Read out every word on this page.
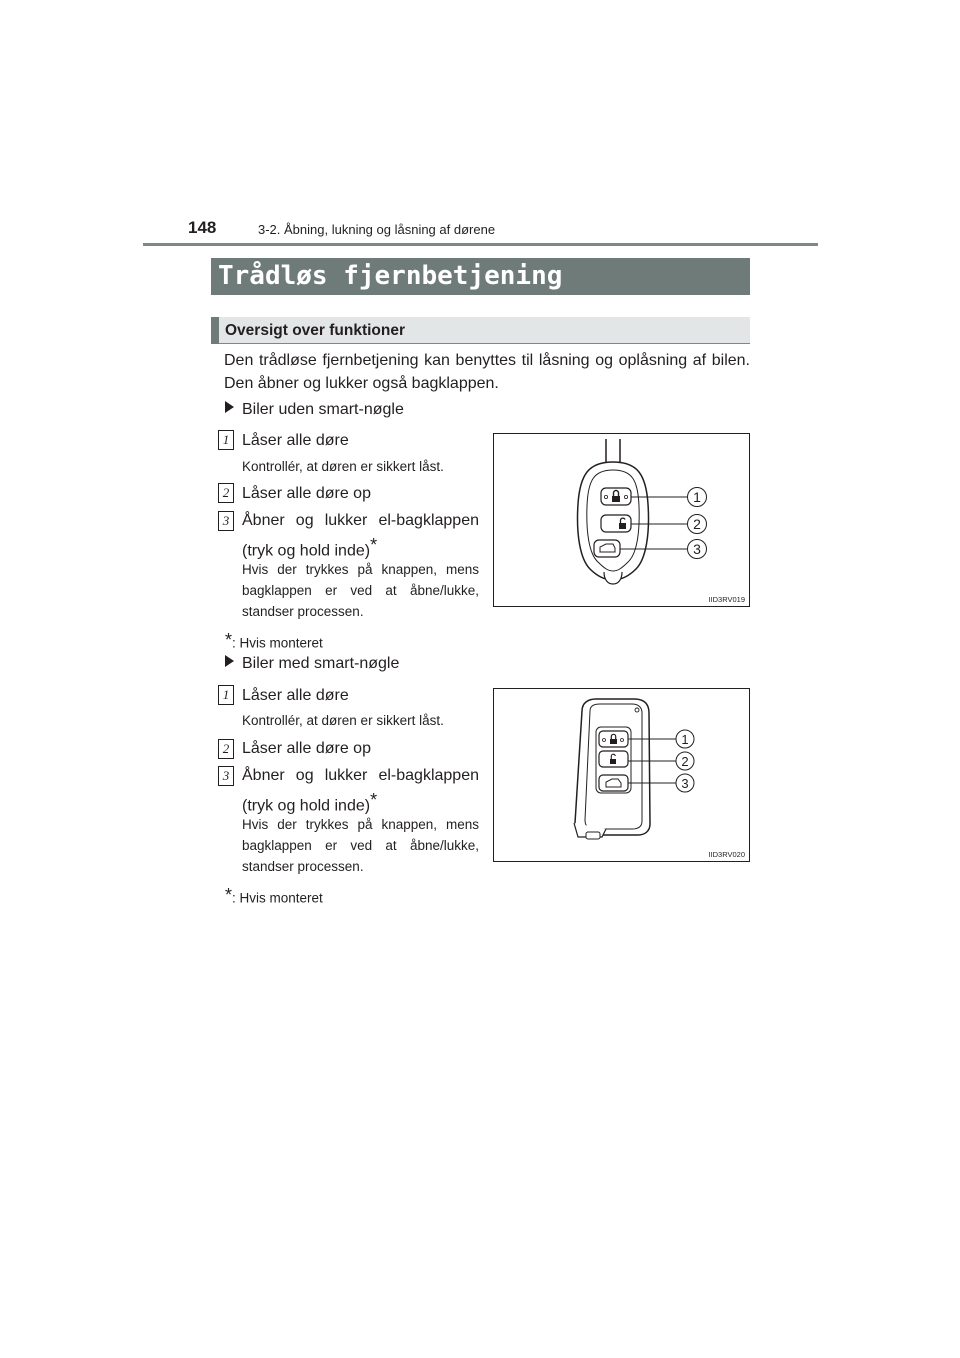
148	3-2. Åbning, lukning og låsning af dørene
Trådløs fjernbetjening
Oversigt over funktioner
Den trådløse fjernbetjening kan benyttes til låsning og oplåsning af bilen. Den åbner og lukker også bagklappen.
Biler uden smart-nøgle
1 Låser alle døre
Kontrollér, at døren er sikkert låst.
2 Låser alle døre op
3 Åbner og lukker el-bagklappen
(tryk og hold inde)*
Hvis der trykkes på knappen, mens
bagklappen er ved at åbne/lukke,
standser processen.
*: Hvis monteret
1
2
3
IID3RV019
Biler med smart-nøgle
1 Låser alle døre
Kontrollér, at døren er sikkert låst.
2 Låser alle døre op
3 Åbner og lukker el-bagklappen
(tryk og hold inde)*
Hvis der trykkes på knappen, mens
bagklappen er ved at åbne/lukke,
standser processen.
*: Hvis monteret
1
2
3
IID3RV020
